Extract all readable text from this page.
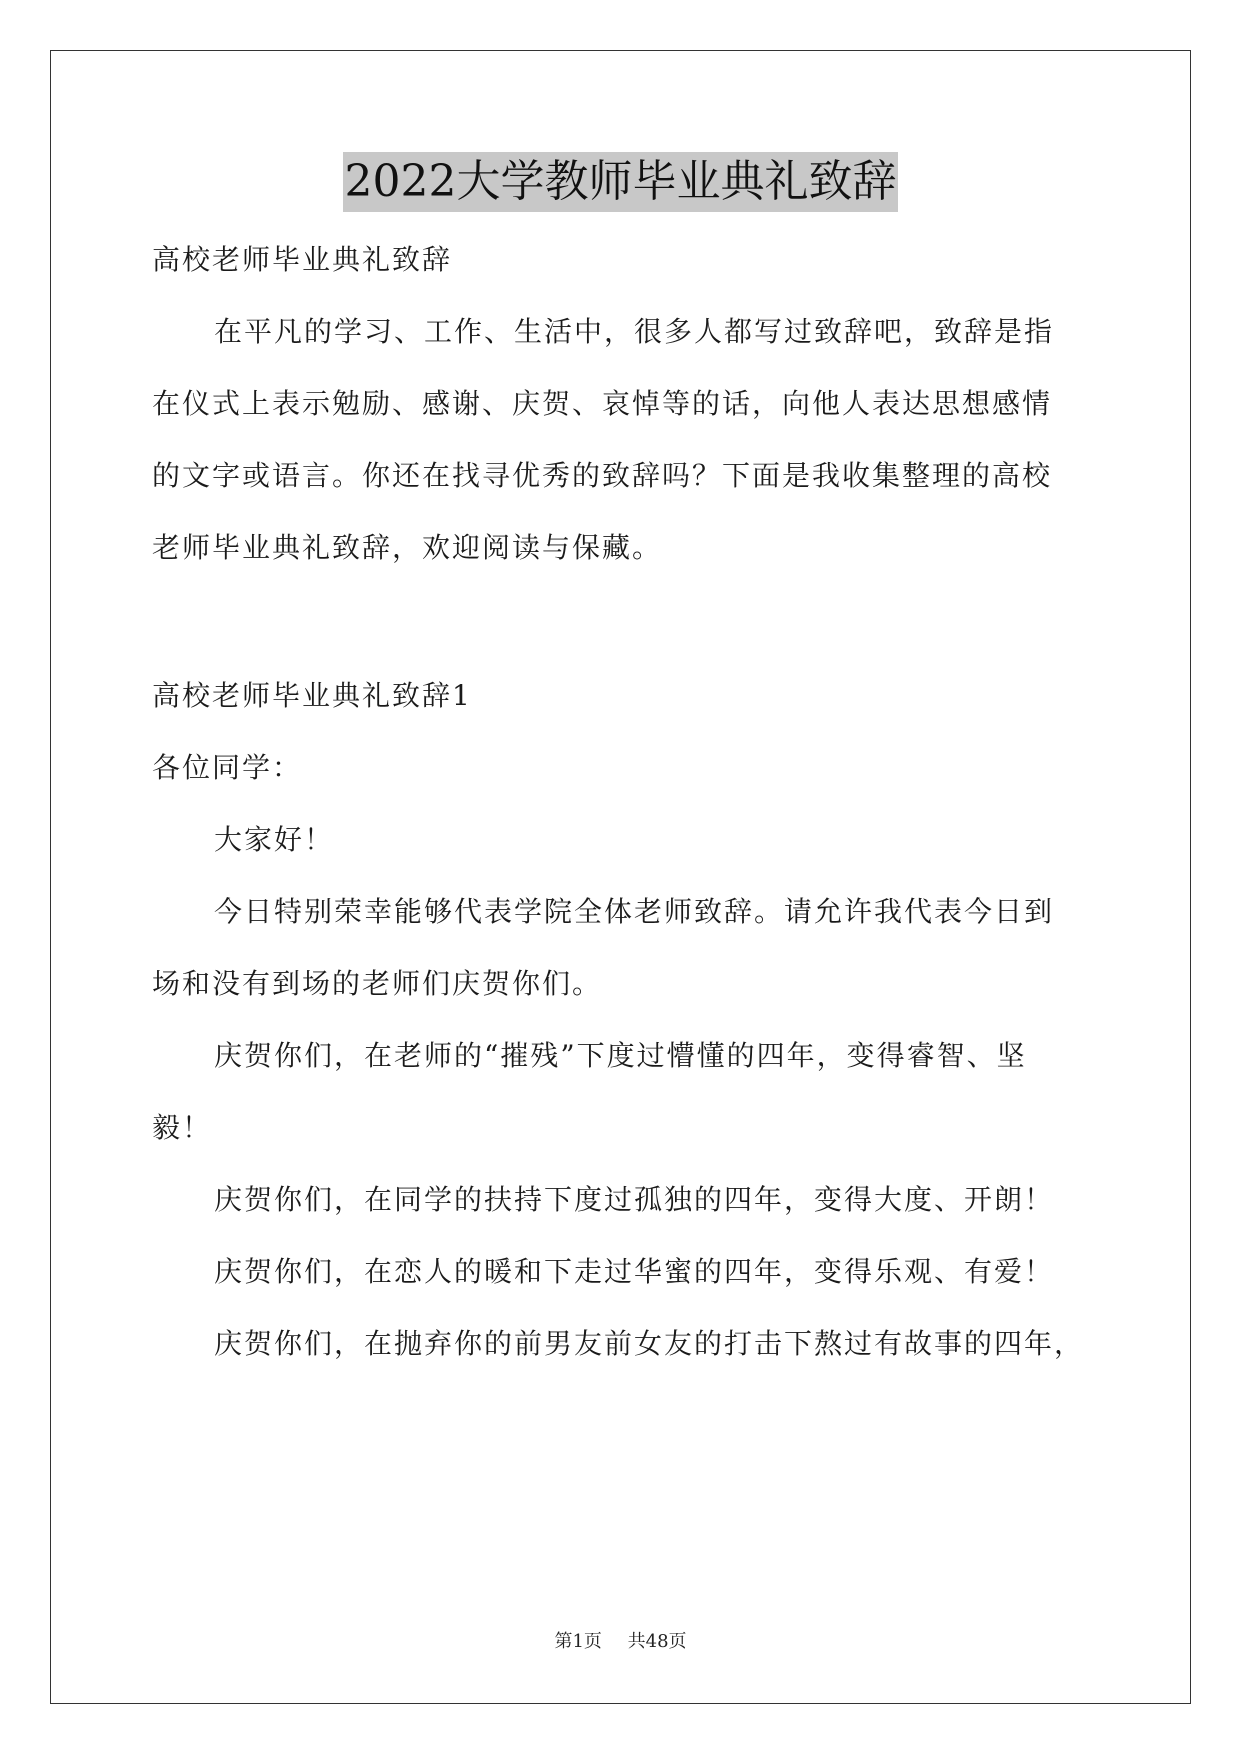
2022大学教师毕业典礼致辞
高校老师毕业典礼致辞
在平凡的学习、工作、生活中，很多人都写过致辞吧，致辞是指
在仪式上表示勉励、感谢、庆贺、哀悼等的话，向他人表达思想感情
的文字或语言。你还在找寻优秀的致辞吗？下面是我收集整理的高校
老师毕业典礼致辞，欢迎阅读与保藏。
高校老师毕业典礼致辞1
各位同学：
大家好！
今日特别荣幸能够代表学院全体老师致辞。请允许我代表今日到
场和没有到场的老师们庆贺你们。
庆贺你们，在老师的“摧残”下度过懵懂的四年，变得睿智、坚
毅！
庆贺你们，在同学的扶持下度过孤独的四年，变得大度、开朗！
庆贺你们，在恋人的暖和下走过华蜜的四年，变得乐观、有爱！
庆贺你们，在抛弃你的前男友前女友的打击下熬过有故事的四年，
第1页 共48页
